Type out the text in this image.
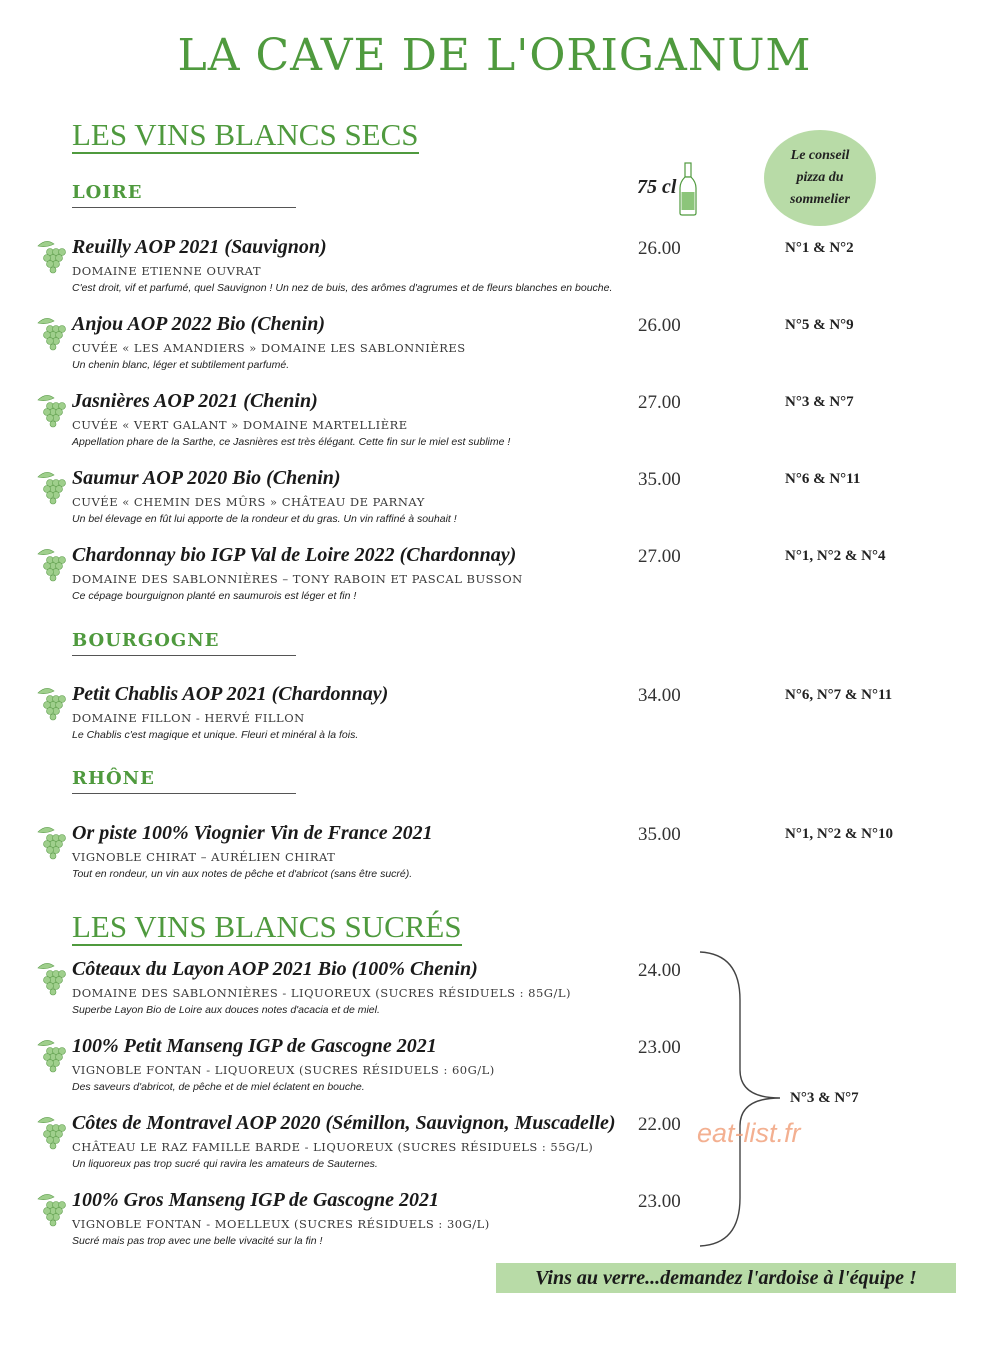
LA CAVE DE L'ORIGANUM
LES VINS BLANCS SECS
LOIRE	75 cl
Le conseil pizza du sommelier
Reuilly AOP 2021 (Sauvignon)
DOMAINE ETIENNE OUVRAT
C'est droit, vif et parfumé, quel Sauvignon ! Un nez de buis, des arômes d'agrumes et de fleurs blanches en bouche.
26.00	N°1 & N°2
Anjou AOP 2022 Bio (Chenin)
CUVÉE « LES AMANDIERS » DOMAINE LES SABLONNIÈRES
Un chenin blanc, léger et subtilement parfumé.
26.00	N°5 & N°9
Jasnières AOP 2021 (Chenin)
CUVÉE « VERT GALANT » DOMAINE MARTELLIÈRE
Appellation phare de la Sarthe, ce Jasnières est très élégant. Cette fin sur le miel est sublime !
27.00	N°3 & N°7
Saumur AOP 2020 Bio (Chenin)
CUVÉE « CHEMIN DES MÛRS » CHÂTEAU DE PARNAY
Un bel élevage en fût lui apporte de la rondeur et du gras. Un vin raffiné à souhait !
35.00	N°6 & N°11
Chardonnay bio IGP Val de Loire 2022 (Chardonnay)
DOMAINE DES SABLONNIÈRES – TONY RABOIN ET PASCAL BUSSON
Ce cépage bourguignon planté en saumurois est léger et fin !
27.00	N°1, N°2 & N°4
BOURGOGNE
Petit Chablis AOP 2021 (Chardonnay)
DOMAINE FILLON - HERVÉ FILLON
Le Chablis c'est magique et unique. Fleuri et minéral à la fois.
34.00	N°6, N°7 & N°11
RHÔNE
Or piste 100% Viognier Vin de France 2021
VIGNOBLE CHIRAT – AURÉLIEN CHIRAT
Tout en rondeur, un vin aux notes de pêche et d'abricot (sans être sucré).
35.00	N°1, N°2 & N°10
LES VINS BLANCS SUCRÉS
Côteaux du Layon AOP 2021 Bio (100% Chenin)
DOMAINE DES SABLONNIÈRES - LIQUOREUX (SUCRES RÉSIDUELS : 85G/L)
Superbe Layon Bio de Loire aux douces notes d'acacia et de miel.
24.00
100% Petit Manseng IGP de Gascogne 2021
VIGNOBLE FONTAN - LIQUOREUX (SUCRES RÉSIDUELS : 60G/L)
Des saveurs d'abricot, de pêche et de miel éclatent en bouche.
23.00
Côtes de Montravel AOP 2020 (Sémillon, Sauvignon, Muscadelle)
CHÂTEAU LE RAZ FAMILLE BARDE - LIQUOREUX (SUCRES RÉSIDUELS : 55G/L)
Un liquoreux pas trop sucré qui ravira les amateurs de Sauternes.
22.00
100% Gros Manseng IGP de Gascogne 2021
VIGNOBLE FONTAN - MOELLEUX (SUCRES RÉSIDUELS : 30G/L)
Sucré mais pas trop avec une belle vivacité sur la fin !
23.00
N°3 & N°7
eat-list.fr
Vins au verre...demandez l'ardoise à l'équipe !
